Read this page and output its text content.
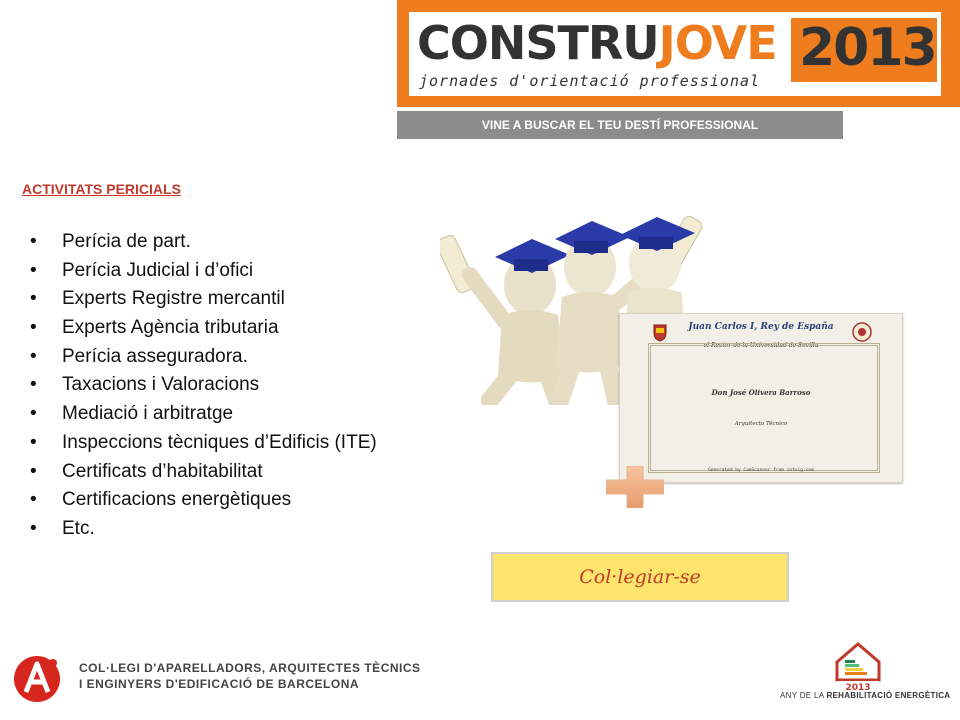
CONSTRUJOVE 2013
jornades d'orientació professional
VINE A BUSCAR EL TEU DESTÍ PROFESSIONAL
ACTIVITATS PERICIALS
• Perícia de part.
• Perícia Judicial i d’ofici
• Experts Registre mercantil
• Experts Agència tributaria
• Perícia asseguradora.
• Taxacions i Valoracions
• Mediació i arbitratge
• Inspeccions tècniques d’Edificis (ITE)
• Certificats d’habitabilitat
• Certificacions energètiques
• Etc.
Juan Carlos I, Rey de España
el Rector de la Universidad de Sevilla
Don José Olivera Barroso
Arquitecto Técnico
Generated by CamScanner from intsig.com
Col·legiar-se
COL·LEGI D'APARELLADORS, ARQUITECTES TÈCNICS
I ENGINYERS D'EDIFICACIÓ DE BARCELONA	2013
ANY DE LA REHABILITACIÓ ENERGÈTICA
